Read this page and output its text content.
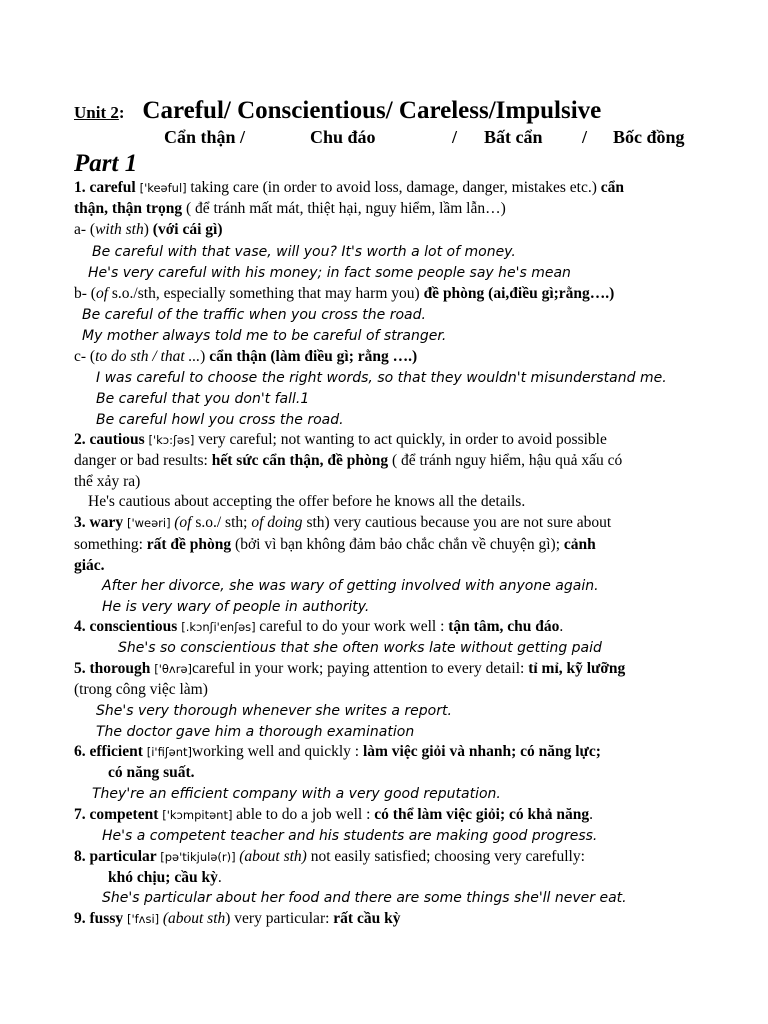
Unit 2: Careful/ Conscientious/ Careless/Impulsive
Cẩn thận /	Chu đáo	/ Bất cẩn / Bốc đồng
Part 1
1. careful ['keəful] taking care (in order to avoid loss, damage, danger, mistakes etc.) cẩn
thận, thận trọng ( để tránh mất mát, thiệt hại, nguy hiểm, lầm lẫn…)
a- (with sth) (với cái gì)
Be careful with that vase, will you? It's worth a lot of money.
He's very careful with his money; in fact some people say he's mean
b- (of s.o./sth, especially something that may harm you) đề phòng (ai,điều gì;rằng….)
Be careful of the traffic when you cross the road.
My mother always told me to be careful of stranger.
c- (to do sth / that ...) cẩn thận (làm điều gì; rằng ….)
I was careful to choose the right words, so that they wouldn't misunderstand me.
Be careful that you don't fall.1
Be careful howl you cross the road.
2. cautious ['kɔ:ʃəs] very careful; not wanting to act quickly, in order to avoid possible
danger or bad results: hết sức cẩn thận, đề phòng ( để tránh nguy hiểm, hậu quả xấu có
thể xảy ra)
He's cautious about accepting the offer before he knows all the details.
3. wary ['weəri] (of s.o./ sth; of doing sth) very cautious because you are not sure about
something: rất đề phòng (bởi vì bạn không đảm bảo chắc chắn về chuyện gì); cảnh
giác.
After her divorce, she was wary of getting involved with anyone again.
He is very wary of people in authority.
4. conscientious [.kɔnʃi'enʃəs] careful to do your work well : tận tâm, chu đáo.
She's so conscientious that she often works late without getting paid
5. thorough ['θʌrə]careful in your work; paying attention to every detail: tỉ mỉ, kỹ lưỡng
(trong công việc làm)
She's very thorough whenever she writes a report.
The doctor gave him a thorough examination
6. efficient [i'fiʃənt]working well and quickly : làm việc giỏi và nhanh; có năng lực;
có năng suất.
They're an efficient company with a very good reputation.
7. competent ['kɔmpitənt] able to do a job well : có thể làm việc giỏi; có khả năng.
He's a competent teacher and his students are making good progress.
8. particular [pə'tikjulə(r)] (about sth) not easily satisfied; choosing very carefully:
khó chịu; cầu kỳ.
She's particular about her food and there are some things she'll never eat.
9. fussy ['fʌsi] (about sth) very particular: rất cầu kỳ
